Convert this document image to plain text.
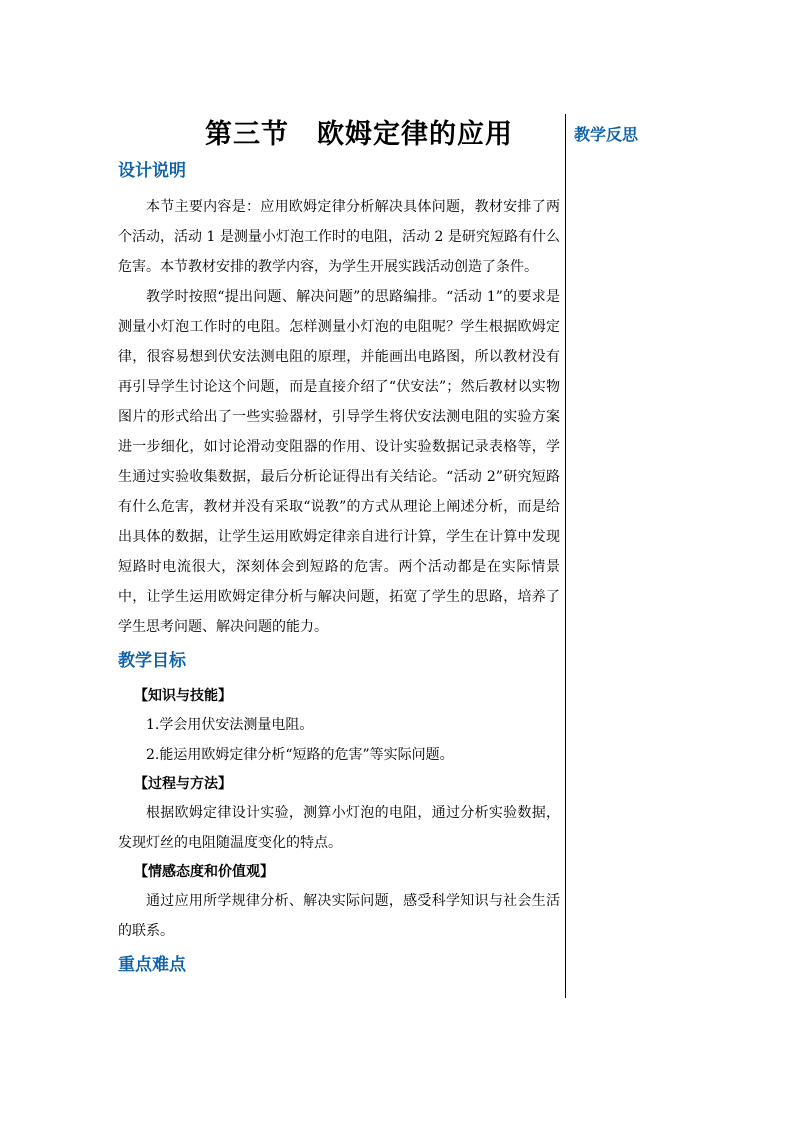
第三节　欧姆定律的应用
设计说明

本节主要内容是：应用欧姆定律分析解决具体问题，教材安排了两个活动，活动 1 是测量小灯泡工作时的电阻，活动 2 是研究短路有什么危害。本节教材安排的教学内容，为学生开展实践活动创造了条件。

教学时按照“提出问题、解决问题”的思路编排。“活动 1”的要求是测量小灯泡工作时的电阻。怎样测量小灯泡的电阻呢？学生根据欧姆定律，很容易想到伏安法测电阻的原理，并能画出电路图，所以教材没有再引导学生讨论这个问题，而是直接介绍了“伏安法”；然后教材以实物图片的形式给出了一些实验器材，引导学生将伏安法测电阻的实验方案进一步细化，如讨论滑动变阻器的作用、设计实验数据记录表格等，学生通过实验收集数据，最后分析论证得出有关结论。“活动 2”研究短路有什么危害，教材并没有采取“说教”的方式从理论上阐述分析，而是给出具体的数据，让学生运用欧姆定律亲自进行计算，学生在计算中发现短路时电流很大，深刻体会到短路的危害。两个活动都是在实际情景中，让学生运用欧姆定律分析与解决问题，拓宽了学生的思路，培养了学生思考问题、解决问题的能力。

教学目标
【知识与技能】

1.学会用伏安法测量电阻。

2.能运用欧姆定律分析“短路的危害”等实际问题。

【过程与方法】

根据欧姆定律设计实验，测算小灯泡的电阻，通过分析实验数据，发现灯丝的电阻随温度变化的特点。

【情感态度和价值观】

通过应用所学规律分析、解决实际问题，感受科学知识与社会生活的联系。

重点难点
教学反思
